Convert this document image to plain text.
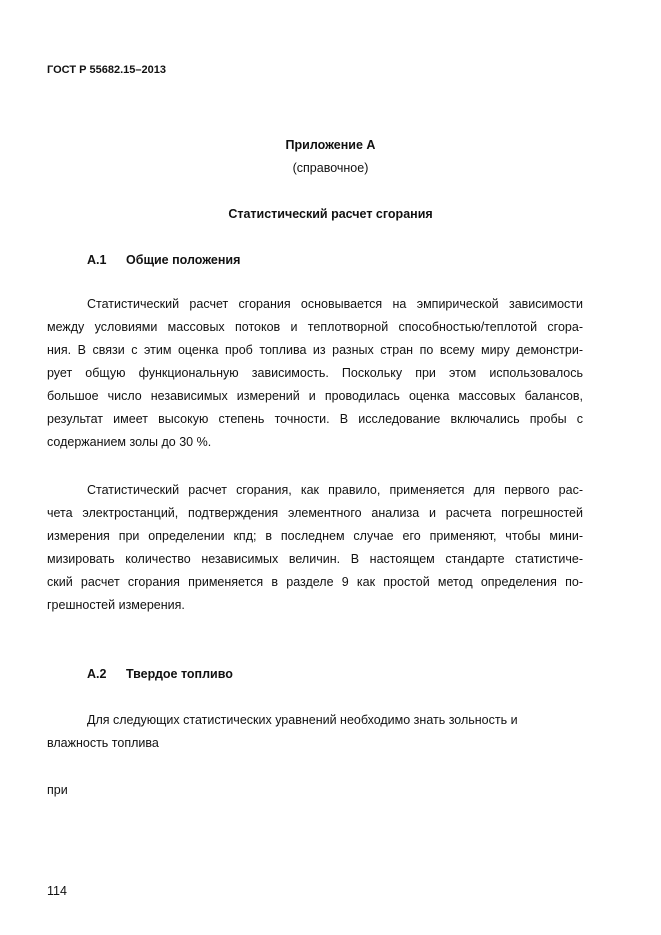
ГОСТ Р 55682.15–2013
Приложение А
(справочное)
Статистический расчет сгорания
А.1 Общие положения
Статистический расчет сгорания основывается на эмпирической зависимости
между условиями массовых потоков и теплотворной способностью/теплотой сгора-
ния. В связи с этим оценка проб топлива из разных стран по всему миру демонстри-
рует общую функциональную зависимость. Поскольку при этом использовалось
большое число независимых измерений и проводилась оценка массовых балансов,
результат имеет высокую степень точности. В исследование включались пробы с
содержанием золы до 30 %.
Статистический расчет сгорания, как правило, применяется для первого рас-
чета электростанций, подтверждения элементного анализа и расчета погрешностей
измерения при определении кпд; в последнем случае его применяют, чтобы мини-
мизировать количество независимых величин. В настоящем стандарте статистиче-
ский расчет сгорания применяется в разделе 9 как простой метод определения по-
грешностей измерения.
А.2 Твердое топливо
Для следующих статистических уравнений необходимо знать зольность и
влажность топлива
при
114
